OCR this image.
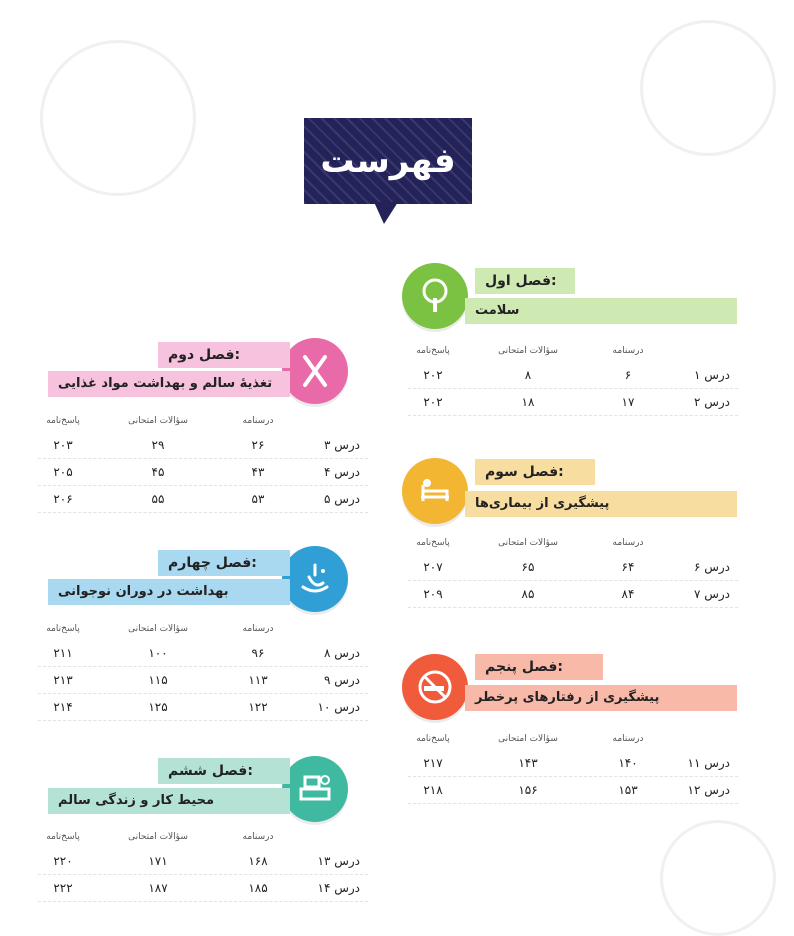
فهرست
فصل اول:
سلامت
درسنامه
سؤالات امتحانی
پاسخ‌نامه
درس ۱
۶
۸
۲۰۲
درس ۲
۱۷
۱۸
۲۰۲
فصل دوم:
تغذیهٔ سالم و بهداشت مواد غذایی
درسنامه
سؤالات امتحانی
پاسخ‌نامه
درس ۳
۲۶
۲۹
۲۰۳
درس ۴
۴۳
۴۵
۲۰۵
درس ۵
۵۳
۵۵
۲۰۶
فصل سوم:
پیشگیری از بیماری‌ها
درسنامه
سؤالات امتحانی
پاسخ‌نامه
درس ۶
۶۴
۶۵
۲۰۷
درس ۷
۸۴
۸۵
۲۰۹
فصل چهارم:
بهداشت در دوران نوجوانی
درسنامه
سؤالات امتحانی
پاسخ‌نامه
درس ۸
۹۶
۱۰۰
۲۱۱
درس ۹
۱۱۳
۱۱۵
۲۱۳
درس ۱۰
۱۲۲
۱۲۵
۲۱۴
فصل پنجم:
پیشگیری از رفتارهای پرخطر
درسنامه
سؤالات امتحانی
پاسخ‌نامه
درس ۱۱
۱۴۰
۱۴۳
۲۱۷
درس ۱۲
۱۵۳
۱۵۶
۲۱۸
فصل ششم:
محیط کار و زندگی سالم
درسنامه
سؤالات امتحانی
پاسخ‌نامه
درس ۱۳
۱۶۸
۱۷۱
۲۲۰
درس ۱۴
۱۸۵
۱۸۷
۲۲۲
